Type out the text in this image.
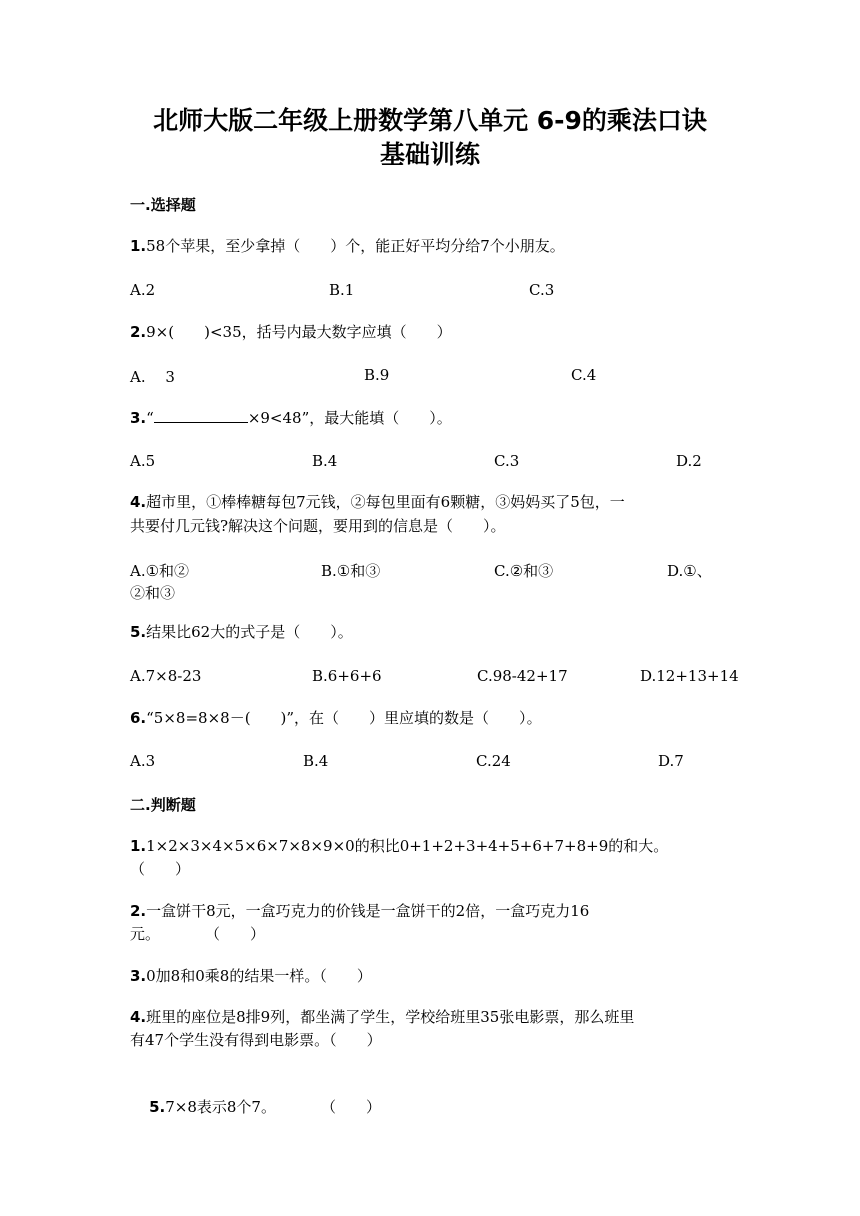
北师大版二年级上册数学第八单元 6-9的乘法口诀
基础训练
一.选择题
1.58个苹果，至少拿掉（　　）个，能正好平均分给7个小朋友。
A.2	B.1	C.3
2.9×(　　)<35，括号内最大数字应填（　　）
A.　 3	B.9	C.4
3.“	×9<48”，最大能填（　　）。
A.5	B.4	C.3	D.2
4.超市里，①棒棒糖每包7元钱，②每包里面有6颗糖，③妈妈买了5包，一
共要付几元钱?解决这个问题，要用到的信息是（　　）。
A.①和②	B.①和③	C.②和③	D.①、
②和③
5.结果比62大的式子是（　　）。
A.7×8-23	B.6+6+6	C.98-42+17	D.12+13+14
6.“5×8=8×8－(　　)”，在（　　）里应填的数是（　　）。
A.3	B.4	C.24	D.7
二.判断题
1.1×2×3×4×5×6×7×8×9×0的积比0+1+2+3+4+5+6+7+8+9的和大。
（　　）
2.一盒饼干8元，一盒巧克力的价钱是一盒饼干的2倍，一盒巧克力16
元。　　　　（　　）
3.0加8和0乘8的结果一样。（　　）
4.班里的座位是8排9列，都坐满了学生，学校给班里35张电影票，那么班里
有47个学生没有得到电影票。（　　）

5.7×8表示8个7。　　　　（　　）
